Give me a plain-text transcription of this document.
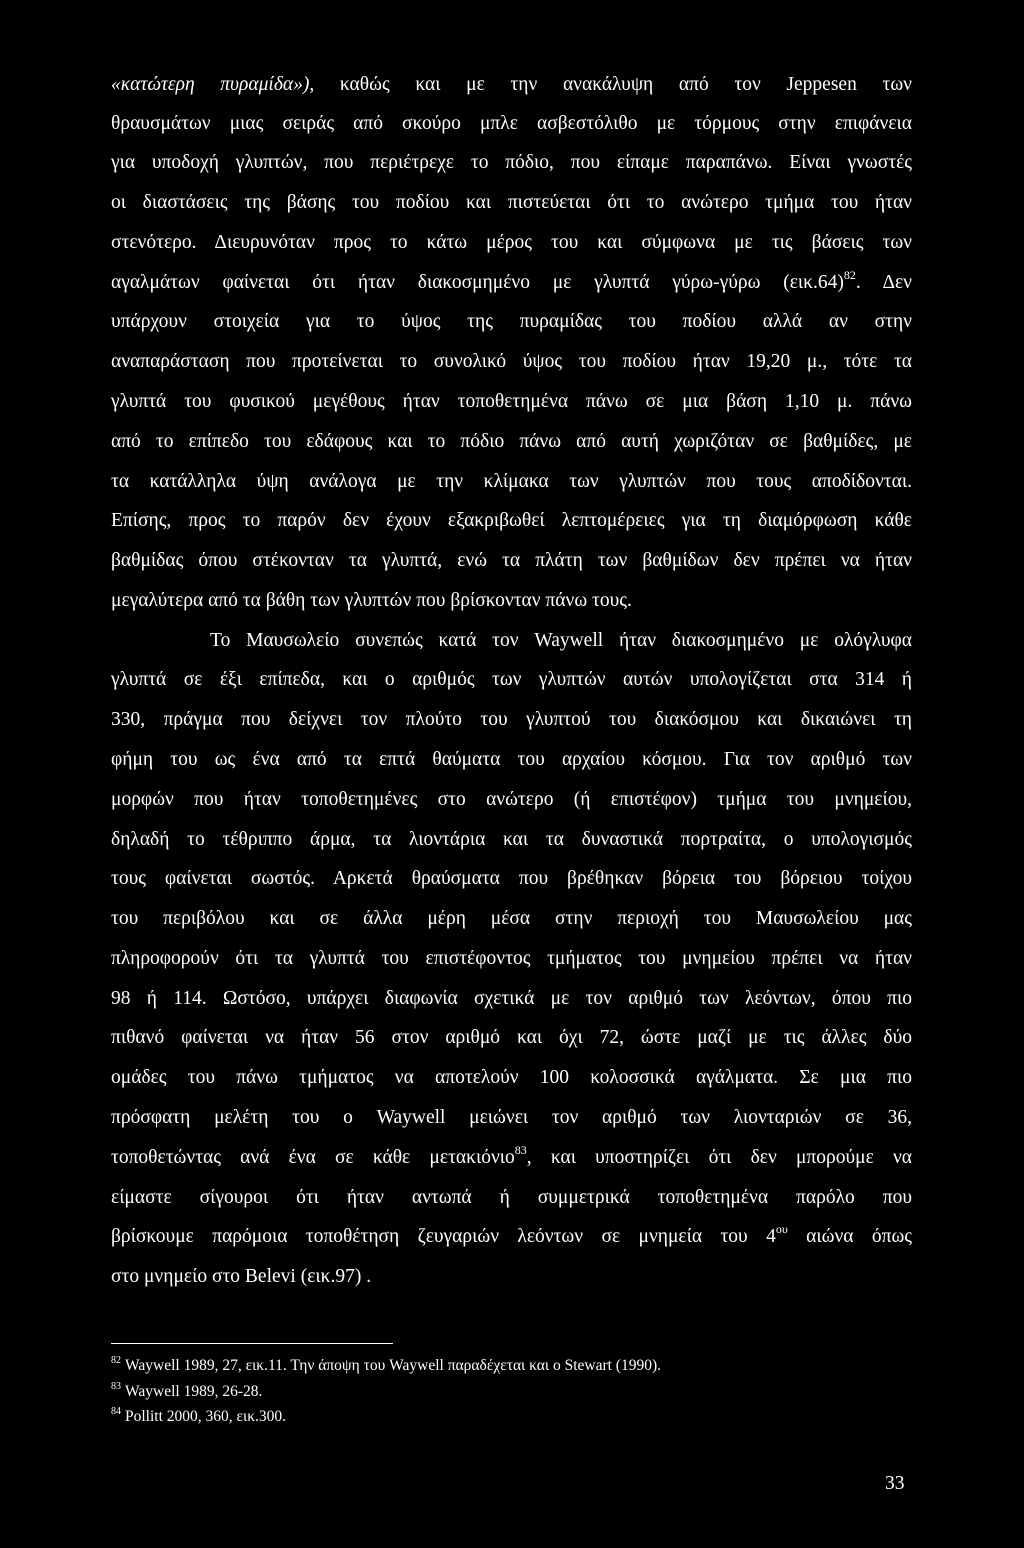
«κατώτερη πυραμίδα»), καθώς και με την ανακάλυψη από τον Jeppesen των
θραυσμάτων μιας σειράς από σκούρο μπλε ασβεστόλιθο με τόρμους στην επιφάνεια
για υποδοχή γλυπτών, που περιέτρεχε το πόδιο, που είπαμε παραπάνω. Είναι γνωστές
οι διαστάσεις της βάσης του ποδίου και πιστεύεται ότι το ανώτερο τμήμα του ήταν
στενότερο. Διευρυνόταν προς το κάτω μέρος του και σύμφωνα με τις βάσεις των
αγαλμάτων φαίνεται ότι ήταν διακοσμημένο με γλυπτά γύρω-γύρω $(\varepsilon\iota\kappa.64)^{82}$. Δεν
υπάρχουν στοιχεία για το ύψος της πυραμίδας του ποδίου αλλά αν στην
αναπαράσταση που προτείνεται το συνολικό ύψος του ποδίου ήταν 19,20 μ., τότε τα
γλυπτά του φυσικού μεγέθους ήταν τοποθετημένα πάνω σε μια βάση 1,10 μ. πάνω
από το επίπεδο του εδάφους και το πόδιο πάνω από αυτή χωριζόταν σε βαθμίδες, με
τα κατάλληλα ύψη ανάλογα με την κλίμακα των γλυπτών που τους αποδίδονται.
Επίσης, προς το παρόν δεν έχουν εξακριβωθεί λεπτομέρειες για τη διαμόρφωση κάθε
βαθμίδας όπου στέκονταν τα γλυπτά, ενώ τα πλάτη των βαθμίδων δεν πρέπει να ήταν
μεγαλύτερα από τα βάθη των γλυπτών που βρίσκονταν πάνω τους.
Το Μαυσωλείο συνεπώς κατά τον Waywell ήταν διακοσμημένο με ολόγλυφα
γλυπτά σε έξι επίπεδα, και ο αριθμός των γλυπτών αυτών υπολογίζεται στα 314 ή
330, πράγμα που δείχνει τον πλούτο του γλυπτού του διακόσμου και δικαιώνει τη
φήμη του ως ένα από τα επτά θαύματα του αρχαίου κόσμου. Για τον αριθμό των
μορφών που ήταν τοποθετημένες στο ανώτερο (ή επιστέφον) τμήμα του μνημείου,
δηλαδή το τέθριππο άρμα, τα λιοντάρια και τα δυναστικά πορτραίτα, ο υπολογισμός
τους φαίνεται σωστός. Αρκετά θραύσματα που βρέθηκαν βόρεια του βόρειου τοίχου
του περιβόλου και σε άλλα μέρη μέσα στην περιοχή του Μαυσωλείου μας
πληροφορούν ότι τα γλυπτά του επιστέφοντος τμήματος του μνημείου πρέπει να ήταν
98 ή 114. Ωστόσο, υπάρχει διαφωνία σχετικά με τον αριθμό των λεόντων, όπου πιο
πιθανό φαίνεται να ήταν 56 στον αριθμό και όχι 72, ώστε μαζί με τις άλλες δύο
ομάδες του πάνω τμήματος να αποτελούν 100 κολοσσικά αγάλματα. Σε μια πιο
πρόσφατη μελέτη του ο Waywell μειώνει τον αριθμό των λιονταριών σε 36,
τοποθετώντας ανά ένα σε κάθε μετακιόνιο$^{83}$, και υποστηρίζει ότι δεν μπορούμε να
είμαστε σίγουροι ότι ήταν αντωπά ή συμμετρικά τοποθετημένα παρόλο που
βρίσκουμε παρόμοια τοποθέτηση ζευγαριών λεόντων σε μνημεία του $4^{o\upsilon}$ αιώνα όπως
στο μνημείο στο Belevi (εικ.97) .
$^{82}$ Waywell 1989, 27, εικ.11. Την άποψη του Waywell παραδέχεται και ο Stewart (1990).
$^{83}$ Waywell 1989, 26-28.
$^{84}$ Pollitt 2000, 360, εικ.300.
33
